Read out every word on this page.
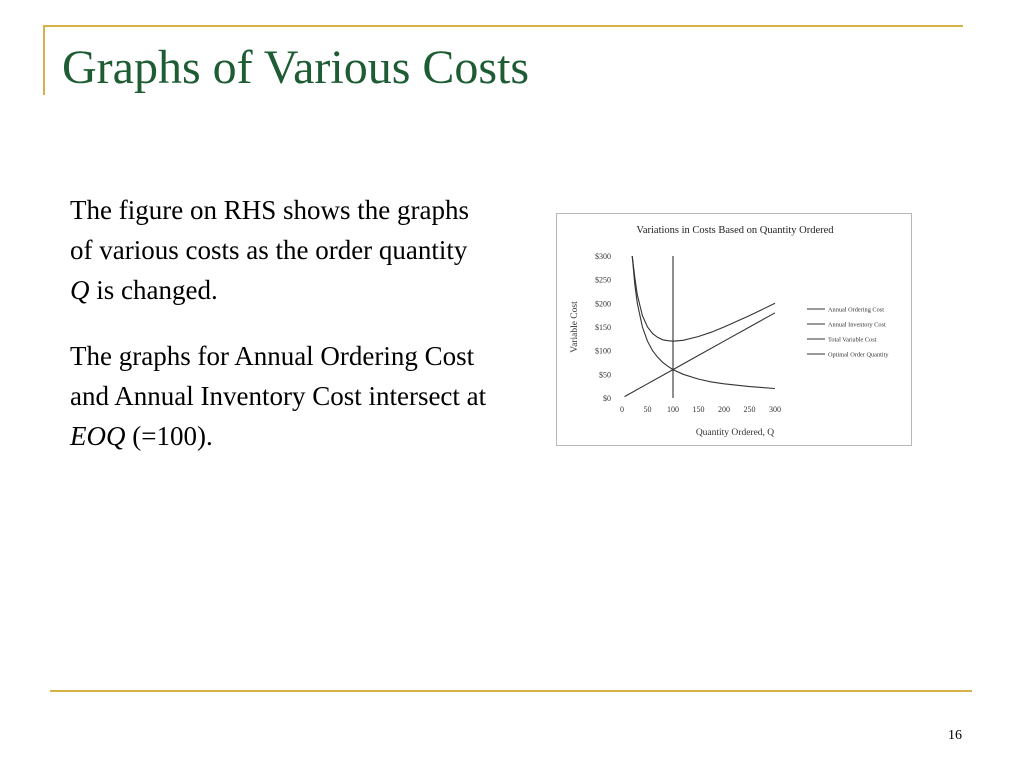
Graphs of Various Costs

The figure on RHS shows the graphs of various costs as the order quantity Q is changed.

The graphs for Annual Ordering Cost and Annual Inventory Cost intersect at EOQ (=100).

Variations in Costs Based on Quantity Ordered
$0
$50
$100
$150
$200
$250
$300
0 50 100 150 200 250 300
Quantity Ordered, Q
Variable Cost	Annual Ordering Cost
Annual Inventory Cost
Total Variable Cost
Optimal Order Quantity
16
